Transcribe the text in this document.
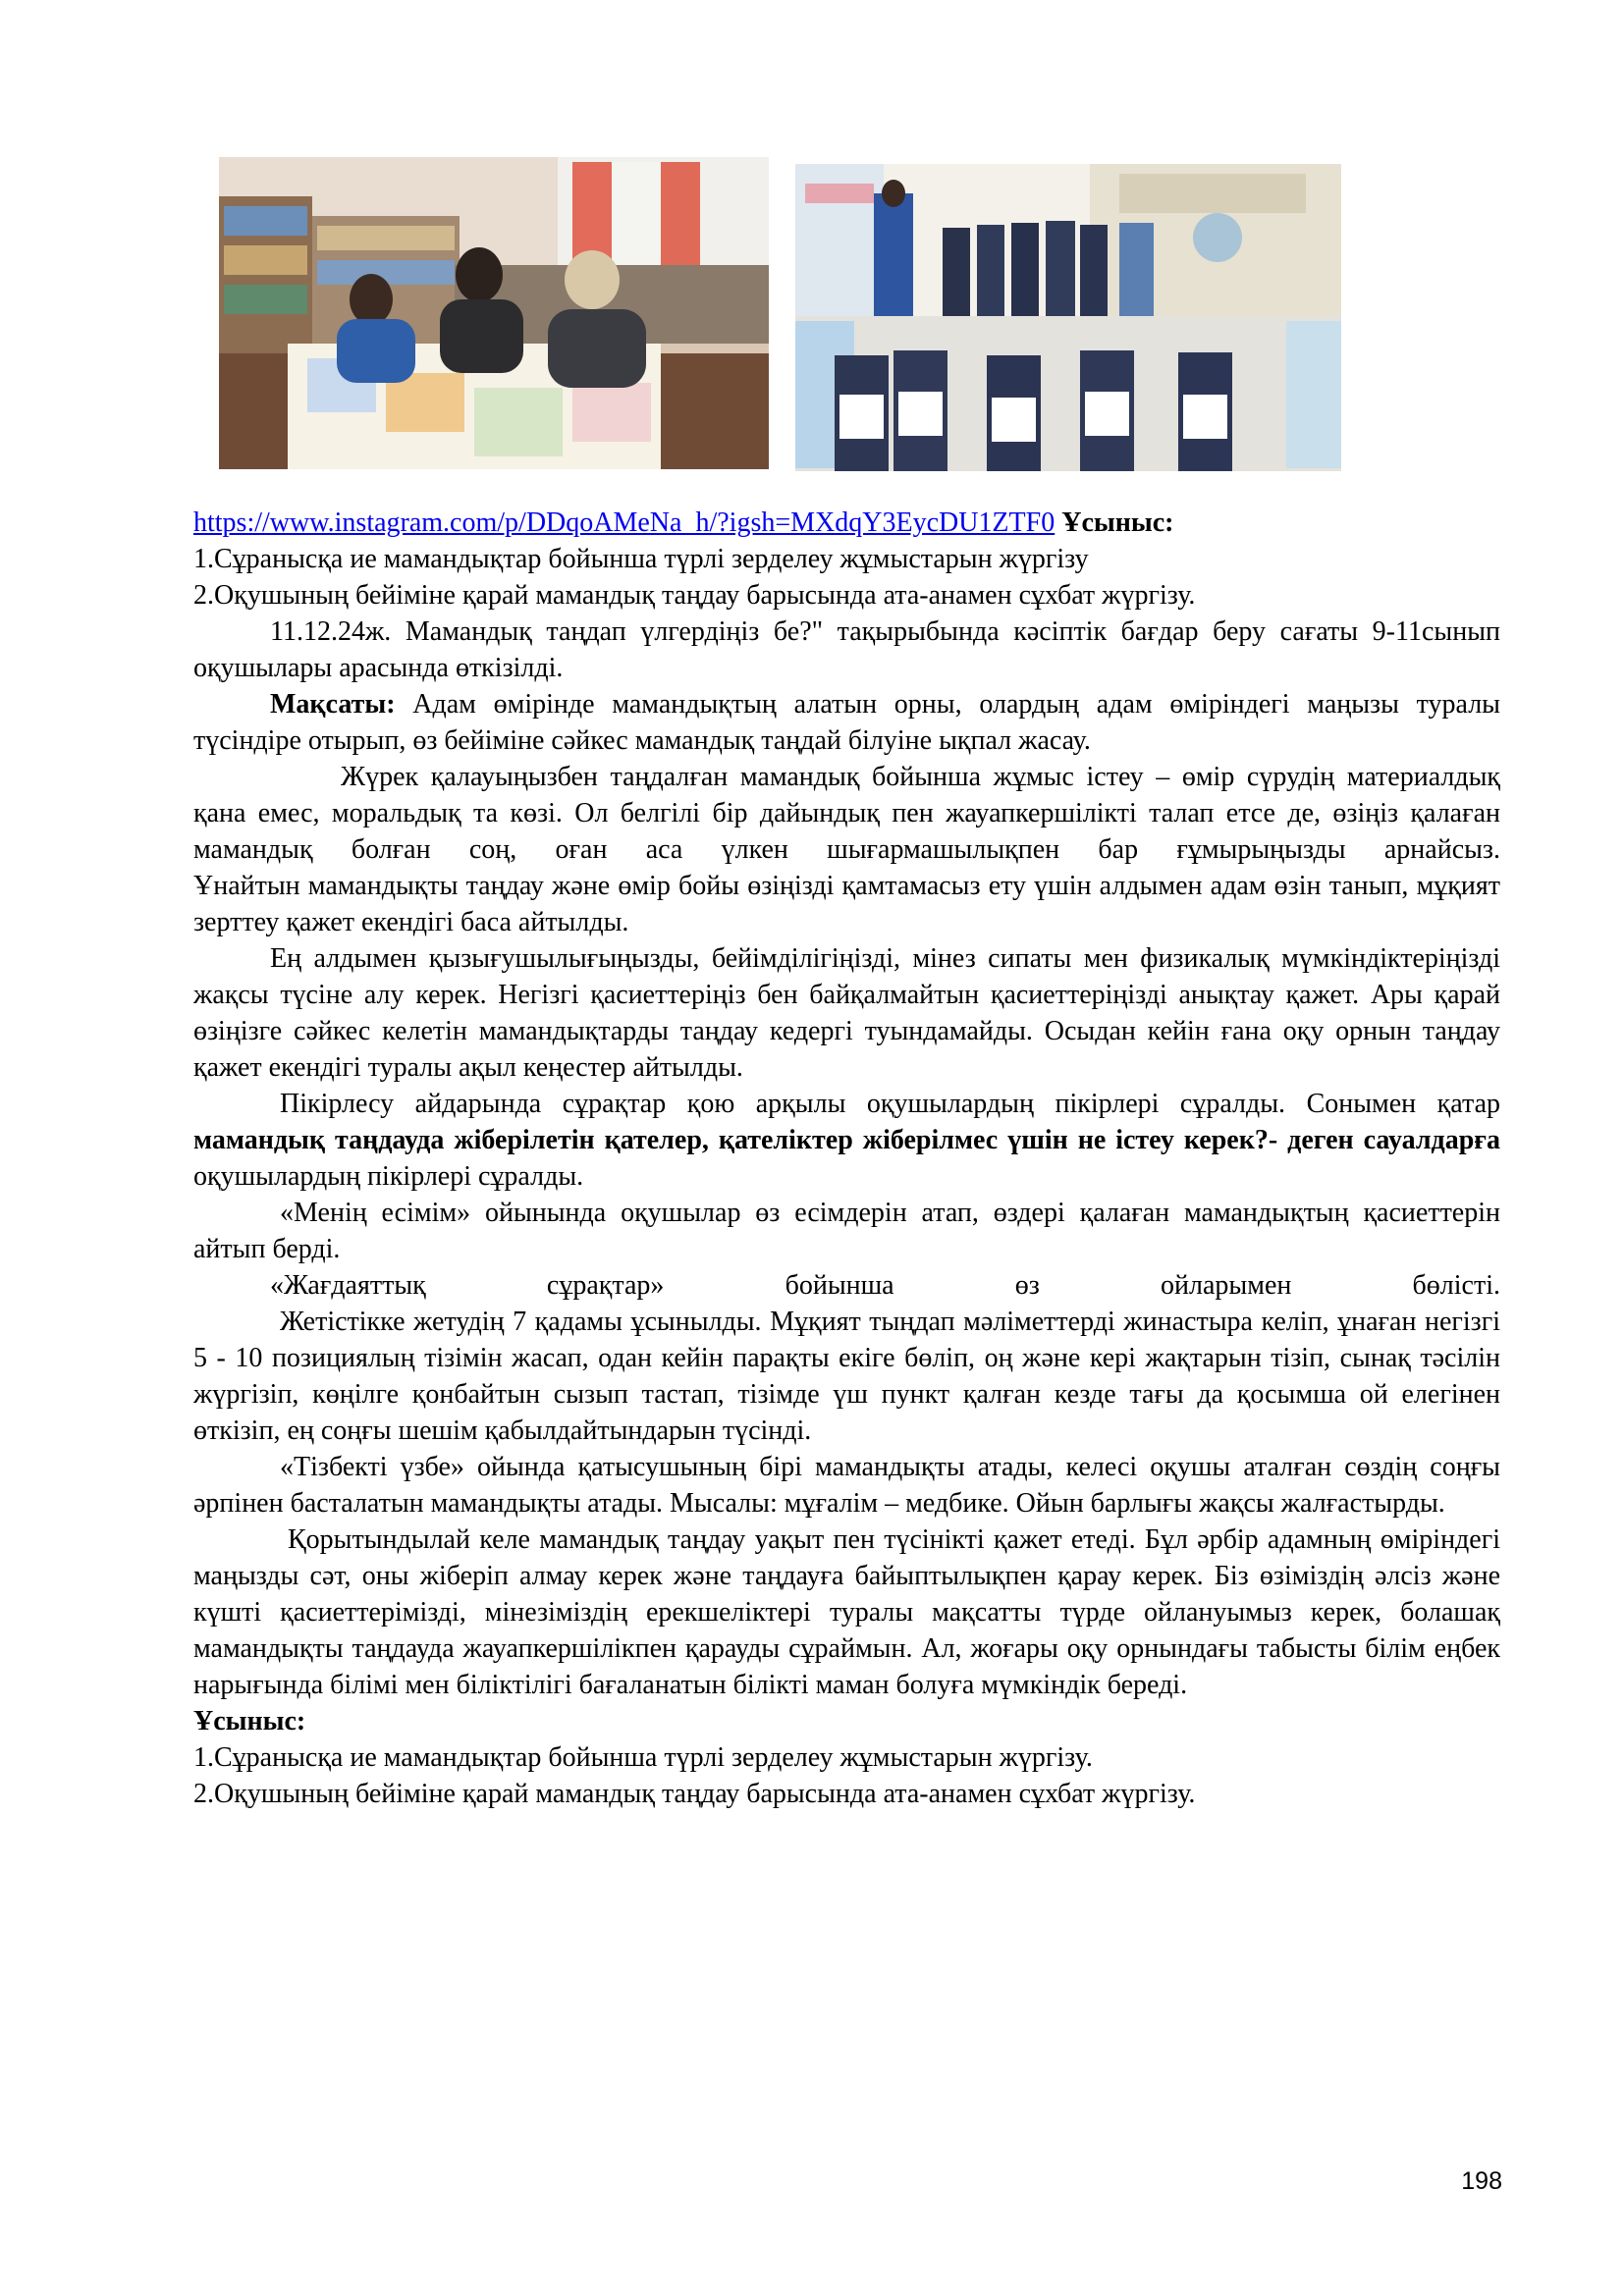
https://www.instagram.com/p/DDqoAMeNa_h/?igsh=MXdqY3EycDU1ZTF0 Ұсыныс:

1.Сұранысқа ие мамандықтар бойынша түрлі зерделеу жұмыстарын жүргізу

2.Оқушының бейіміне қарай мамандық таңдау барысында ата-анамен сұхбат жүргізу.

11.12.24ж. Мамандық таңдап үлгердіңіз бе?" тақырыбында кәсіптік бағдар беру сағаты 9-11сынып оқушылары арасында өткізілді.

Мақсаты: Адам өмірінде мамандықтың алатын орны, олардың адам өміріндегі маңызы туралы түсіндіре отырып, өз бейіміне сәйкес мамандық таңдай білуіне ықпал жасау.

Жүрек қалауыңызбен таңдалған мамандық бойынша жұмыс істеу – өмір сүрудің материалдық қана емес, моральдық та көзі. Ол белгілі бір дайындық пен жауапкершілікті талап етсе де, өзіңіз қалаған мамандық болған соң, оған аса үлкен шығармашылықпен бар ғұмырыңызды арнайсыз.

Ұнайтын мамандықты таңдау және өмір бойы өзіңізді қамтамасыз ету үшін алдымен адам өзін танып, мұқият зерттеу қажет екендігі баса айтылды.

Ең алдымен қызығушылығыңызды, бейімділігіңізді, мінез сипаты мен физикалық мүмкіндіктеріңізді жақсы түсіне алу керек. Негізгі қасиеттеріңіз бен байқалмайтын қасиеттеріңізді анықтау қажет. Ары қарай өзіңізге сәйкес келетін мамандықтарды таңдау кедергі туындамайды. Осыдан кейін ғана оқу орнын таңдау қажет екендігі туралы ақыл кеңестер айтылды.

Пікірлесу айдарында сұрақтар қою арқылы оқушылардың пікірлері сұралды. Сонымен қатар мамандық таңдауда жіберілетін қателер, қателіктер жіберілмес үшін не істеу керек?- деген сауалдарға оқушылардың пікірлері сұралды.

«Менің есімім» ойынында оқушылар өз есімдерін атап, өздері қалаған мамандықтың қасиеттерін айтып берді.

«Жағдаяттық сұрақтар» бойынша өз ойларымен бөлісті.

Жетістікке жетудің 7 қадамы ұсынылды. Мұқият тыңдап мәліметтерді жинастыра келіп, ұнаған негізгі 5 - 10 позициялың тізімін жасап, одан кейін парақты екіге бөліп, оң және кері жақтарын тізіп, сынақ тәсілін жүргізіп, көңілге қонбайтын сызып тастап, тізімде үш пункт қалған кезде тағы да қосымша ой елегінен өткізіп, ең соңғы шешім қабылдайтындарын түсінді.

«Тізбекті үзбе» ойында қатысушының бірі мамандықты атады, келесі оқушы аталған сөздің соңғы әрпінен басталатын мамандықты атады. Мысалы: мұғалім – медбике. Ойын барлығы жақсы жалғастырды.

Қорытындылай келе мамандық таңдау уақыт пен түсінікті қажет етеді. Бұл әрбір адамның өміріндегі маңызды сәт, оны жіберіп алмау керек және таңдауға байыптылықпен қарау керек. Біз өзіміздің әлсіз және күшті қасиеттерімізді, мінезіміздің ерекшеліктері туралы мақсатты түрде ойлануымыз керек, болашақ мамандықты таңдауда жауапкершілікпен қарауды сұраймын. Ал, жоғары оқу орнындағы табысты білім еңбек нарығында білімі мен біліктілігі бағаланатын білікті маман болуға мүмкіндік береді.

Ұсыныс:

1.Сұранысқа ие мамандықтар бойынша түрлі зерделеу жұмыстарын жүргізу.

2.Оқушының бейіміне қарай мамандық таңдау барысында ата-анамен сұхбат жүргізу.

198
